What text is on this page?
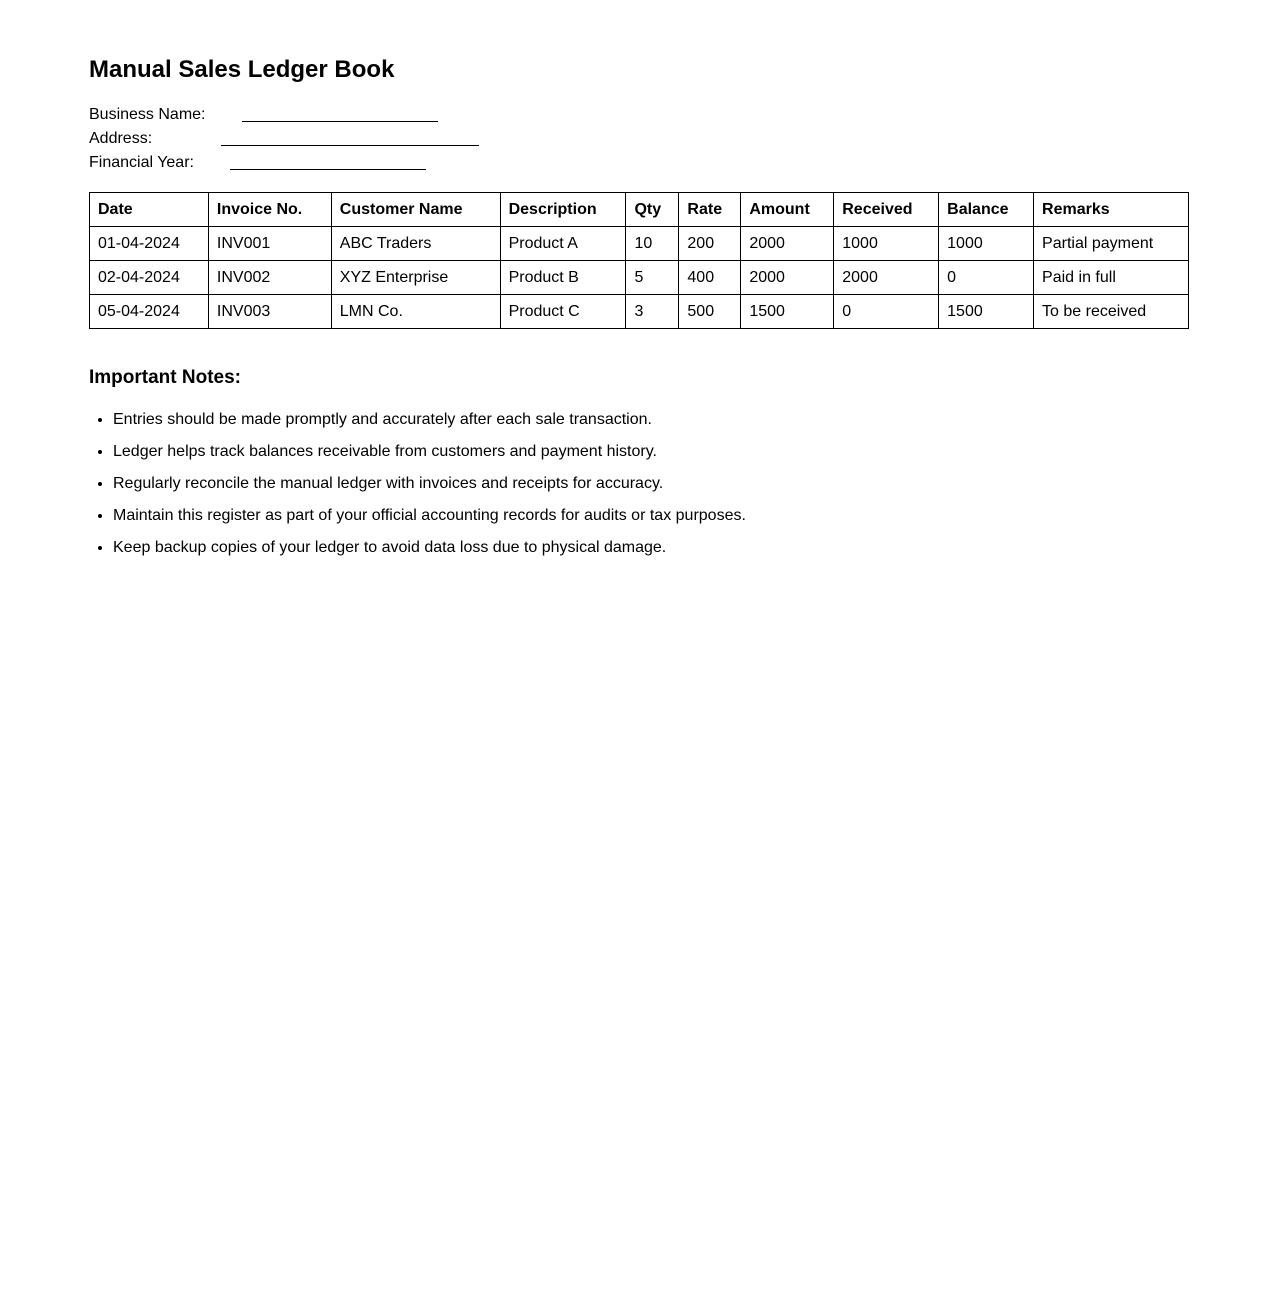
Manual Sales Ledger Book
Business Name:
Address:
Financial Year:
Date	Invoice No.	Customer Name	Description	Qty	Rate	Amount	Received	Balance	Remarks
01-04-2024	INV001	ABC Traders	Product A	10	200	2000	1000	1000	Partial payment
02-04-2024	INV002	XYZ Enterprise	Product B	5	400	2000	2000	0	Paid in full
05-04-2024	INV003	LMN Co.	Product C	3	500	1500	0	1500	To be received
Important Notes:
• Entries should be made promptly and accurately after each sale transaction.
• Ledger helps track balances receivable from customers and payment history.
• Regularly reconcile the manual ledger with invoices and receipts for accuracy.
• Maintain this register as part of your official accounting records for audits or tax purposes.
• Keep backup copies of your ledger to avoid data loss due to physical damage.
